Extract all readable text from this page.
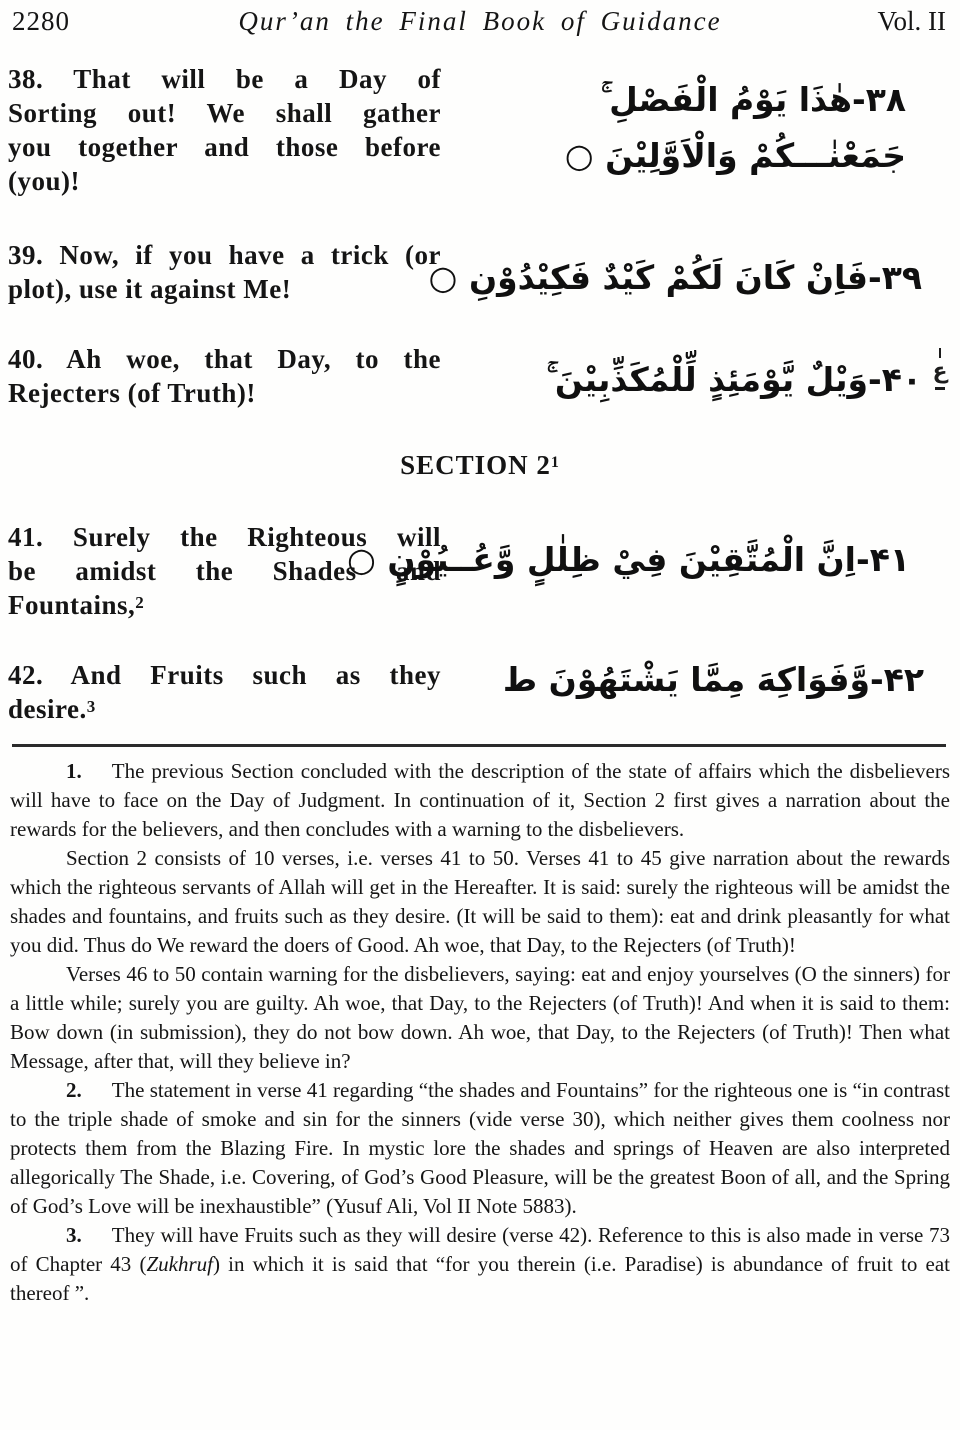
2280	Qur’an the Final Book of Guidance	Vol. II
38. That will be a Day of
Sorting out! We shall gather
you together and those before
(you)!
٣٨-هٰذَا يَوْمُ الْفَصْلِ ۚ
جَمَعْنٰـــكُمْ وَالْاَوَّلِيْنَ ○
39. Now, if you have a trick (or
plot), use it against Me!	٣٩-فَاِنْ كَانَ لَكُمْ كَيْدٌ فَكِيْدُوْنِ ○
40. Ah woe, that Day, to the
Rejecters (of Truth)!	۴٠-وَيْلٌ يَّوْمَئِذٍ لِّلْمُكَذِّبِيْنَ ۚ ع
SECTION $2^1$
41. Surely the Righteous will
be amidst the Shades and
Fountains,$^2$
۴١-اِنَّ الْمُتَّقِيْنَ فِيْ ظِلٰلٍ وَّعُــيُوْنٍ ○
42. And Fruits such as they
desire.$^3$
۴٢-وَّفَوَاكِهَ مِمَّا يَشْتَهُوْنَ ط

1. The previous Section concluded with the description of the state of affairs which the disbelievers will have to face on the Day of Judgment. In continuation of it, Section 2 first gives a narration about the rewards for the believers, and then concludes with a warning to the disbelievers.

Section 2 consists of 10 verses, i.e. verses 41 to 50. Verses 41 to 45 give narration about the rewards which the righteous servants of Allah will get in the Hereafter. It is said: surely the righteous will be amidst the shades and fountains, and fruits such as they desire. (It will be said to them): eat and drink pleasantly for what you did. Thus do We reward the doers of Good. Ah woe, that Day, to the Rejecters (of Truth)!

Verses 46 to 50 contain warning for the disbelievers, saying: eat and enjoy yourselves (O the sinners) for a little while; surely you are guilty. Ah woe, that Day, to the Rejecters (of Truth)! And when it is said to them: Bow down (in submission), they do not bow down. Ah woe, that Day, to the Rejecters (of Truth)! Then what Message, after that, will they believe in?

2. The statement in verse 41 regarding “the shades and Fountains” for the righteous one is “in contrast to the triple shade of smoke and sin for the sinners (vide verse 30), which neither gives them coolness nor protects them from the Blazing Fire. In mystic lore the shades and springs of Heaven are also interpreted allegorically The Shade, i.e. Covering, of God’s Good Pleasure, will be the greatest Boon of all, and the Spring of God’s Love will be inexhaustible” (Yusuf Ali, Vol II Note 5883).

3. They will have Fruits such as they will desire (verse 42). Reference to this is also made in verse 73 of Chapter 43 (Zukhruf) in which it is said that “for you therein (i.e. Paradise) is abundance of fruit to eat thereof ”.
